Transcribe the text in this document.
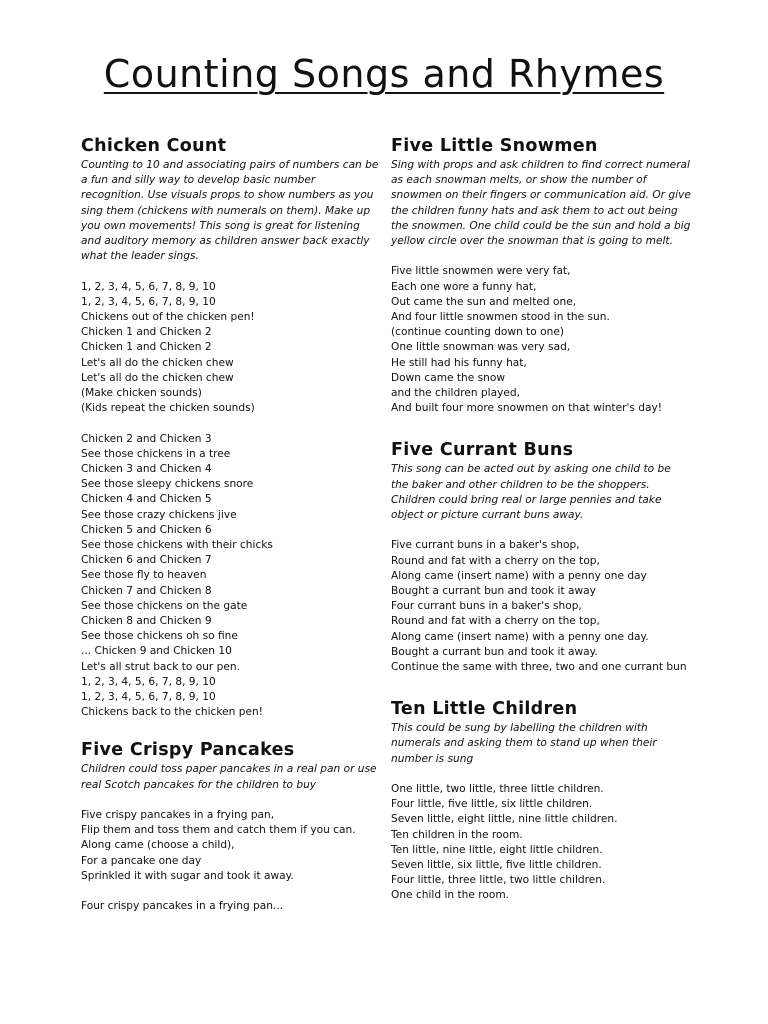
Counting Songs and Rhymes
Chicken Count

Counting to 10 and associating pairs of numbers can be a fun and silly way to develop basic number recognition. Use visuals props to show numbers as you sing them (chickens with numerals on them). Make up you own movements! This song is great for listening and auditory memory as children answer back exactly what the leader sings.

1, 2, 3, 4, 5, 6, 7, 8, 9, 10
1, 2, 3, 4, 5, 6, 7, 8, 9, 10
Chickens out of the chicken pen!
Chicken 1 and Chicken 2
Chicken 1 and Chicken 2
Let's all do the chicken chew
Let's all do the chicken chew
(Make chicken sounds)
(Kids repeat the chicken sounds)
Chicken 2 and Chicken 3
See those chickens in a tree
Chicken 3 and Chicken 4
See those sleepy chickens snore
Chicken 4 and Chicken 5
See those crazy chickens jive
Chicken 5 and Chicken 6
See those chickens with their chicks
Chicken 6 and Chicken 7
See those fly to heaven
Chicken 7 and Chicken 8
See those chickens on the gate
Chicken 8 and Chicken 9
See those chickens oh so fine
... Chicken 9 and Chicken 10
Let's all strut back to our pen.
1, 2, 3, 4, 5, 6, 7, 8, 9, 10
1, 2, 3, 4, 5, 6, 7, 8, 9, 10
Chickens back to the chicken pen!
Five Crispy Pancakes

Children could toss paper pancakes in a real pan or use real Scotch pancakes for the children to buy

Five crispy pancakes in a frying pan,
Flip them and toss them and catch them if you can.
Along came (choose a child),
For a pancake one day
Sprinkled it with sugar and took it away.
Four crispy pancakes in a frying pan...
Five Little Snowmen

Sing with props and ask children to find correct numeral as each snowman melts, or show the number of snowmen on their fingers or communication aid. Or give the children funny hats and ask them to act out being the snowmen. One child could be the sun and hold a big yellow circle over the snowman that is going to melt.

Five little snowmen were very fat,
Each one wore a funny hat,
Out came the sun and melted one,
And four little snowmen stood in the sun.
(continue counting down to one)
One little snowman was very sad,
He still had his funny hat,
Down came the snow
and the children played,
And built four more snowmen on that winter's day!
Five Currant Buns

This song can be acted out by asking one child to be the baker and other children to be the shoppers. Children could bring real or large pennies and take object or picture currant buns away.

Five currant buns in a baker's shop,
Round and fat with a cherry on the top,
Along came (insert name) with a penny one day
Bought a currant bun and took it away
Four currant buns in a baker's shop,
Round and fat with a cherry on the top,
Along came (insert name) with a penny one day.
Bought a currant bun and took it away.
Continue the same with three, two and one currant bun
Ten Little Children

This could be sung by labelling the children with numerals and asking them to stand up when their number is sung

One little, two little, three little children.
Four little, five little, six little children.
Seven little, eight little, nine little children.
Ten children in the room.
Ten little, nine little, eight little children.
Seven little, six little, five little children.
Four little, three little, two little children.
One child in the room.
